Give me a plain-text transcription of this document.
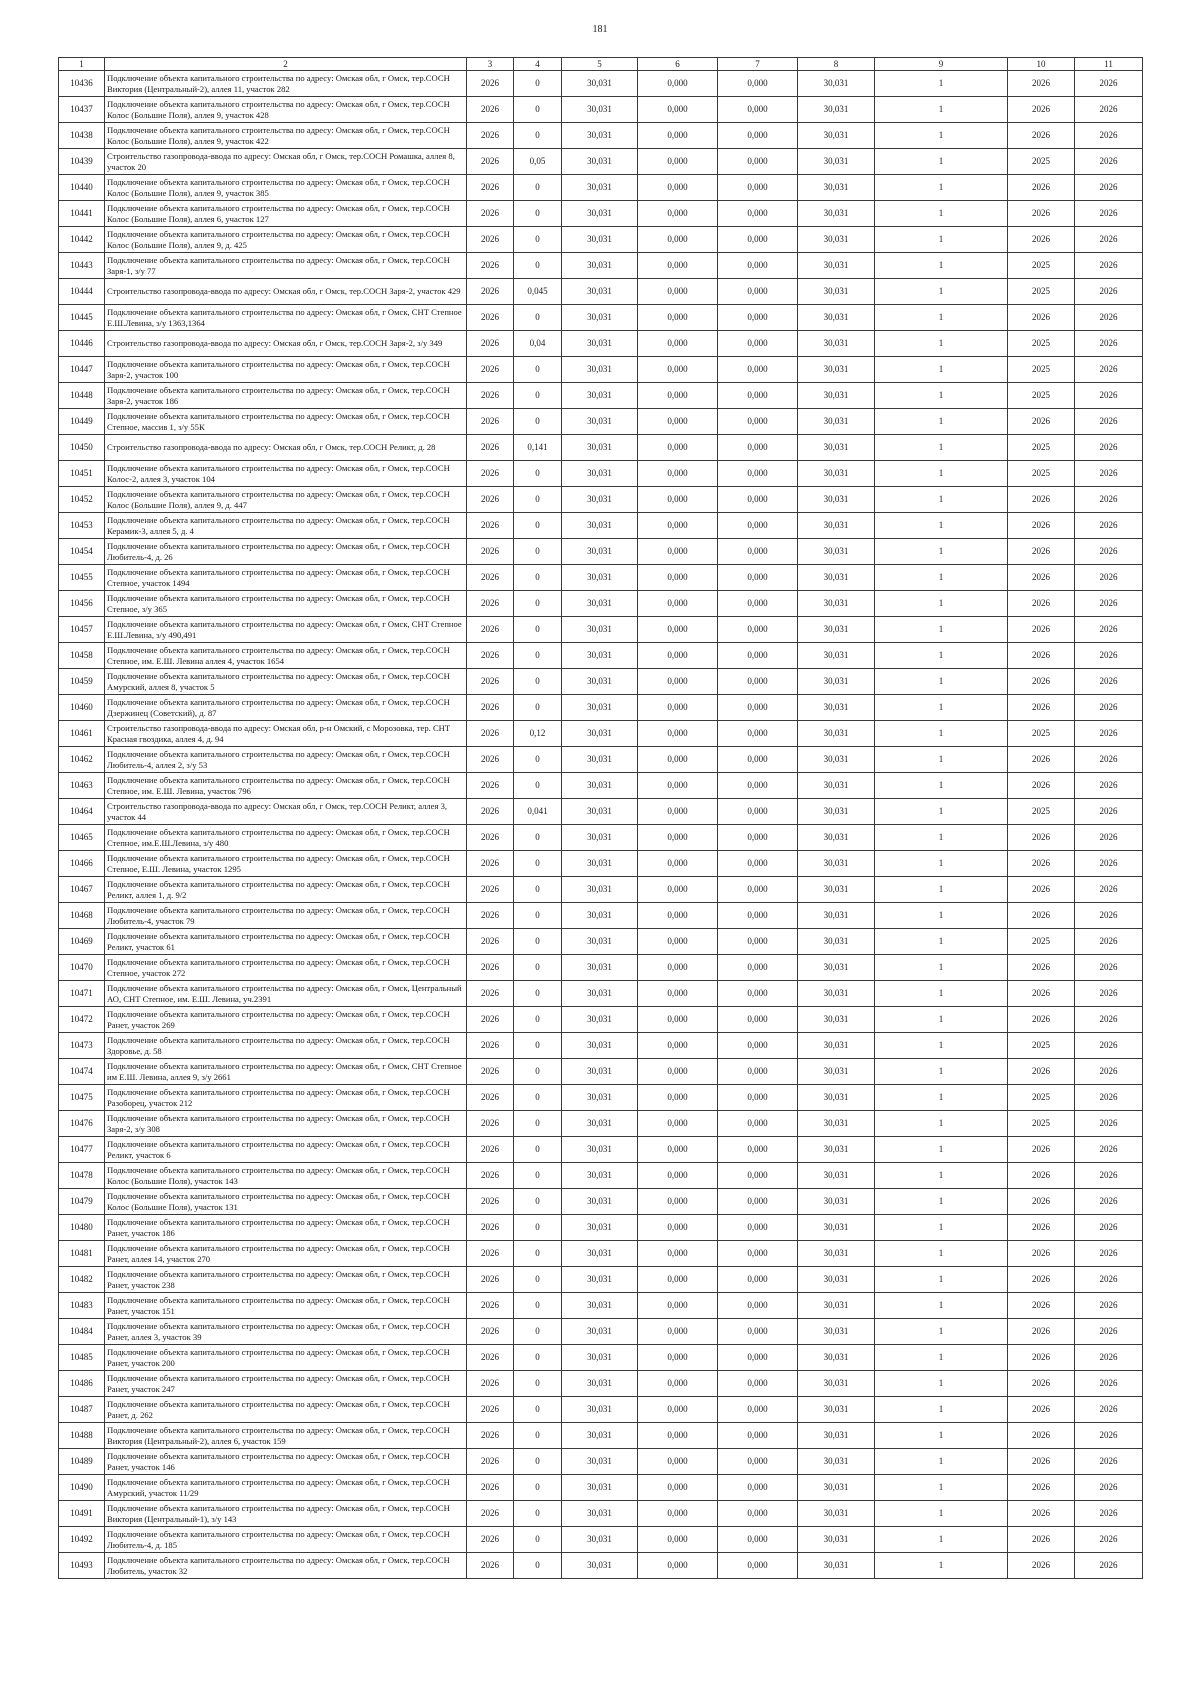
181
1	2	3	4	5	6	7	8	9	10	11
10436	Подключение объекта капитального строительства по адресу: Омская обл, г Омск, тер.СОСН Виктория (Центральный-2), аллея 11, участок 282	2026	0	30,031	0,000	0,000	30,031	1	2026	2026
10437	Подключение объекта капитального строительства по адресу: Омская обл, г Омск, тер.СОСН Колос (Большие Поля), аллея 9, участок 428	2026	0	30,031	0,000	0,000	30,031	1	2026	2026
10438	Подключение объекта капитального строительства по адресу: Омская обл, г Омск, тер.СОСН Колос (Большие Поля), аллея 9, участок 422	2026	0	30,031	0,000	0,000	30,031	1	2026	2026
10439	Строительство газопровода-ввода по адресу: Омская обл, г Омск, тер.СОСН Ромашка, аллея 8, участок 20	2026	0,05	30,031	0,000	0,000	30,031	1	2025	2026
10440	Подключение объекта капитального строительства по адресу: Омская обл, г Омск, тер.СОСН Колос (Большие Поля), аллея 9, участок 385	2026	0	30,031	0,000	0,000	30,031	1	2026	2026
10441	Подключение объекта капитального строительства по адресу: Омская обл, г Омск, тер.СОСН Колос (Большие Поля), аллея 6, участок 127	2026	0	30,031	0,000	0,000	30,031	1	2026	2026
10442	Подключение объекта капитального строительства по адресу: Омская обл, г Омск, тер.СОСН Колос (Большие Поля), аллея 9, д. 425	2026	0	30,031	0,000	0,000	30,031	1	2026	2026
10443	Подключение объекта капитального строительства по адресу: Омская обл, г Омск, тер.СОСН Заря-1, з/у 77	2026	0	30,031	0,000	0,000	30,031	1	2025	2026
10444	Строительство газопровода-ввода по адресу: Омская обл, г Омск, тер.СОСН Заря-2, участок 429	2026	0,045	30,031	0,000	0,000	30,031	1	2025	2026
10445	Подключение объекта капитального строительства по адресу: Омская обл, г Омск, СНТ Степное Е.Ш.Левина, з/у 1363,1364	2026	0	30,031	0,000	0,000	30,031	1	2026	2026
10446	Строительство газопровода-ввода по адресу: Омская обл, г Омск, тер.СОСН Заря-2, з/у 349	2026	0,04	30,031	0,000	0,000	30,031	1	2025	2026
10447	Подключение объекта капитального строительства по адресу: Омская обл, г Омск, тер.СОСН Заря-2, участок 100	2026	0	30,031	0,000	0,000	30,031	1	2025	2026
10448	Подключение объекта капитального строительства по адресу: Омская обл, г Омск, тер.СОСН Заря-2, участок 186	2026	0	30,031	0,000	0,000	30,031	1	2025	2026
10449	Подключение объекта капитального строительства по адресу: Омская обл, г Омск, тер.СОСН Степное, массив 1, з/у 55К	2026	0	30,031	0,000	0,000	30,031	1	2026	2026
10450	Строительство газопровода-ввода по адресу: Омская обл, г Омск, тер.СОСН Реликт, д. 28	2026	0,141	30,031	0,000	0,000	30,031	1	2025	2026
10451	Подключение объекта капитального строительства по адресу: Омская обл, г Омск, тер.СОСН Колос-2, аллея 3, участок 104	2026	0	30,031	0,000	0,000	30,031	1	2025	2026
10452	Подключение объекта капитального строительства по адресу: Омская обл, г Омск, тер.СОСН Колос (Большие Поля), аллея 9, д. 447	2026	0	30,031	0,000	0,000	30,031	1	2026	2026
10453	Подключение объекта капитального строительства по адресу: Омская обл, г Омск, тер.СОСН Керамик-3, аллея 5, д. 4	2026	0	30,031	0,000	0,000	30,031	1	2026	2026
10454	Подключение объекта капитального строительства по адресу: Омская обл, г Омск, тер.СОСН Любитель-4, д. 26	2026	0	30,031	0,000	0,000	30,031	1	2026	2026
10455	Подключение объекта капитального строительства по адресу: Омская обл, г Омск, тер.СОСН Степное, участок 1494	2026	0	30,031	0,000	0,000	30,031	1	2026	2026
10456	Подключение объекта капитального строительства по адресу: Омская обл, г Омск, тер.СОСН Степное, з/у 365	2026	0	30,031	0,000	0,000	30,031	1	2026	2026
10457	Подключение объекта капитального строительства по адресу: Омская обл, г Омск, СНТ Степное Е.Ш.Левина, з/у 490,491	2026	0	30,031	0,000	0,000	30,031	1	2026	2026
10458	Подключение объекта капитального строительства по адресу: Омская обл, г Омск, тер.СОСН Степное, им. Е.Ш. Левина аллея 4, участок 1654	2026	0	30,031	0,000	0,000	30,031	1	2026	2026
10459	Подключение объекта капитального строительства по адресу: Омская обл, г Омск, тер.СОСН Амурский, аллея 8, участок 5	2026	0	30,031	0,000	0,000	30,031	1	2026	2026
10460	Подключение объекта капитального строительства по адресу: Омская обл, г Омск, тер.СОСН Дзержинец (Советский), д. 87	2026	0	30,031	0,000	0,000	30,031	1	2026	2026
10461	Строительство газопровода-ввода по адресу: Омская обл, р-н Омский, с Морозовка, тер. СНТ Красная гвоздика, аллея 4, д. 94	2026	0,12	30,031	0,000	0,000	30,031	1	2025	2026
10462	Подключение объекта капитального строительства по адресу: Омская обл, г Омск, тер.СОСН Любитель-4, аллея 2, з/у 53	2026	0	30,031	0,000	0,000	30,031	1	2026	2026
10463	Подключение объекта капитального строительства по адресу: Омская обл, г Омск, тер.СОСН Степное, им. Е.Ш. Левина, участок 796	2026	0	30,031	0,000	0,000	30,031	1	2026	2026
10464	Строительство газопровода-ввода по адресу: Омская обл, г Омск, тер.СОСН Реликт, аллея 3, участок 44	2026	0,041	30,031	0,000	0,000	30,031	1	2025	2026
10465	Подключение объекта капитального строительства по адресу: Омская обл, г Омск, тер.СОСН Степное, им.Е.Ш.Левина, з/у 480	2026	0	30,031	0,000	0,000	30,031	1	2026	2026
10466	Подключение объекта капитального строительства по адресу: Омская обл, г Омск, тер.СОСН Степное, Е.Ш. Левина, участок 1295	2026	0	30,031	0,000	0,000	30,031	1	2026	2026
10467	Подключение объекта капитального строительства по адресу: Омская обл, г Омск, тер.СОСН Реликт, аллея 1, д. 9/2	2026	0	30,031	0,000	0,000	30,031	1	2026	2026
10468	Подключение объекта капитального строительства по адресу: Омская обл, г Омск, тер.СОСН Любитель-4, участок 79	2026	0	30,031	0,000	0,000	30,031	1	2026	2026
10469	Подключение объекта капитального строительства по адресу: Омская обл, г Омск, тер.СОСН Реликт, участок 61	2026	0	30,031	0,000	0,000	30,031	1	2025	2026
10470	Подключение объекта капитального строительства по адресу: Омская обл, г Омск, тер.СОСН Степное, участок 272	2026	0	30,031	0,000	0,000	30,031	1	2026	2026
10471	Подключение объекта капитального строительства по адресу: Омская обл, г Омск, Центральный АО, СНТ Степное, им. Е.Ш. Левина, уч.2391	2026	0	30,031	0,000	0,000	30,031	1	2026	2026
10472	Подключение объекта капитального строительства по адресу: Омская обл, г Омск, тер.СОСН Ранет, участок 269	2026	0	30,031	0,000	0,000	30,031	1	2026	2026
10473	Подключение объекта капитального строительства по адресу: Омская обл, г Омск, тер.СОСН Здоровье, д. 58	2026	0	30,031	0,000	0,000	30,031	1	2025	2026
10474	Подключение объекта капитального строительства по адресу: Омская обл, г Омск, СНТ Степное им Е.Ш. Левина, аллея 9, з/у 2661	2026	0	30,031	0,000	0,000	30,031	1	2026	2026
10475	Подключение объекта капитального строительства по адресу: Омская обл, г Омск, тер.СОСН Разоборец, участок 212	2026	0	30,031	0,000	0,000	30,031	1	2025	2026
10476	Подключение объекта капитального строительства по адресу: Омская обл, г Омск, тер.СОСН Заря-2, з/у 308	2026	0	30,031	0,000	0,000	30,031	1	2025	2026
10477	Подключение объекта капитального строительства по адресу: Омская обл, г Омск, тер.СОСН Реликт, участок 6	2026	0	30,031	0,000	0,000	30,031	1	2026	2026
10478	Подключение объекта капитального строительства по адресу: Омская обл, г Омск, тер.СОСН Колос (Большие Поля), участок 143	2026	0	30,031	0,000	0,000	30,031	1	2026	2026
10479	Подключение объекта капитального строительства по адресу: Омская обл, г Омск, тер.СОСН Колос (Большие Поля), участок 131	2026	0	30,031	0,000	0,000	30,031	1	2026	2026
10480	Подключение объекта капитального строительства по адресу: Омская обл, г Омск, тер.СОСН Ранет, участок 186	2026	0	30,031	0,000	0,000	30,031	1	2026	2026
10481	Подключение объекта капитального строительства по адресу: Омская обл, г Омск, тер.СОСН Ранет, аллея 14, участок 270	2026	0	30,031	0,000	0,000	30,031	1	2026	2026
10482	Подключение объекта капитального строительства по адресу: Омская обл, г Омск, тер.СОСН Ранет, участок 238	2026	0	30,031	0,000	0,000	30,031	1	2026	2026
10483	Подключение объекта капитального строительства по адресу: Омская обл, г Омск, тер.СОСН Ранет, участок 151	2026	0	30,031	0,000	0,000	30,031	1	2026	2026
10484	Подключение объекта капитального строительства по адресу: Омская обл, г Омск, тер.СОСН Ранет, аллея 3, участок 39	2026	0	30,031	0,000	0,000	30,031	1	2026	2026
10485	Подключение объекта капитального строительства по адресу: Омская обл, г Омск, тер.СОСН Ранет, участок 200	2026	0	30,031	0,000	0,000	30,031	1	2026	2026
10486	Подключение объекта капитального строительства по адресу: Омская обл, г Омск, тер.СОСН Ранет, участок 247	2026	0	30,031	0,000	0,000	30,031	1	2026	2026
10487	Подключение объекта капитального строительства по адресу: Омская обл, г Омск, тер.СОСН Ранет, д. 262	2026	0	30,031	0,000	0,000	30,031	1	2026	2026
10488	Подключение объекта капитального строительства по адресу: Омская обл, г Омск, тер.СОСН Виктория (Центральный-2), аллея 6, участок 159	2026	0	30,031	0,000	0,000	30,031	1	2026	2026
10489	Подключение объекта капитального строительства по адресу: Омская обл, г Омск, тер.СОСН Ранет, участок 146	2026	0	30,031	0,000	0,000	30,031	1	2026	2026
10490	Подключение объекта капитального строительства по адресу: Омская обл, г Омск, тер.СОСН Амурский, участок 11/29	2026	0	30,031	0,000	0,000	30,031	1	2026	2026
10491	Подключение объекта капитального строительства по адресу: Омская обл, г Омск, тер.СОСН Виктория (Центральный-1), з/у 143	2026	0	30,031	0,000	0,000	30,031	1	2026	2026
10492	Подключение объекта капитального строительства по адресу: Омская обл, г Омск, тер.СОСН Любитель-4, д. 185	2026	0	30,031	0,000	0,000	30,031	1	2026	2026
10493	Подключение объекта капитального строительства по адресу: Омская обл, г Омск, тер.СОСН Любитель, участок 32	2026	0	30,031	0,000	0,000	30,031	1	2026	2026
